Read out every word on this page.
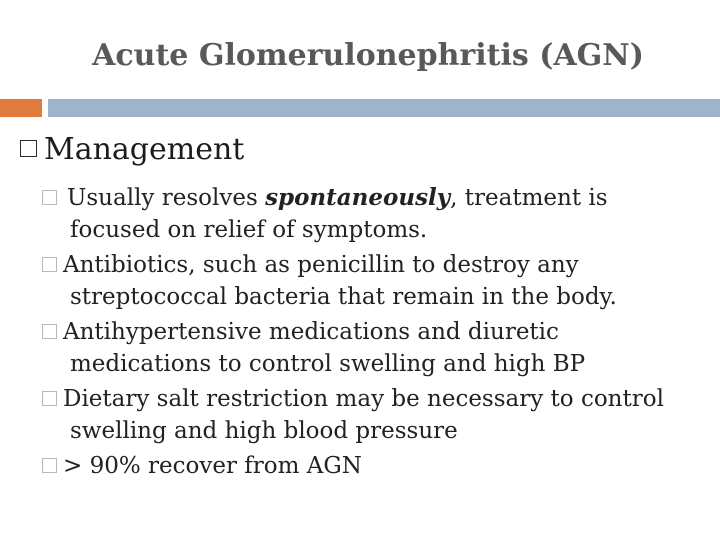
Acute Glomerulonephritis (AGN)
Management
Usually resolves spontaneously, treatment is
focused on relief of symptoms.
Antibiotics, such as penicillin to destroy any
streptococcal bacteria that remain in the body.
Antihypertensive medications and diuretic
medications to control swelling and high BP
Dietary salt restriction may be necessary to control
swelling and high blood pressure
> 90% recover from AGN
